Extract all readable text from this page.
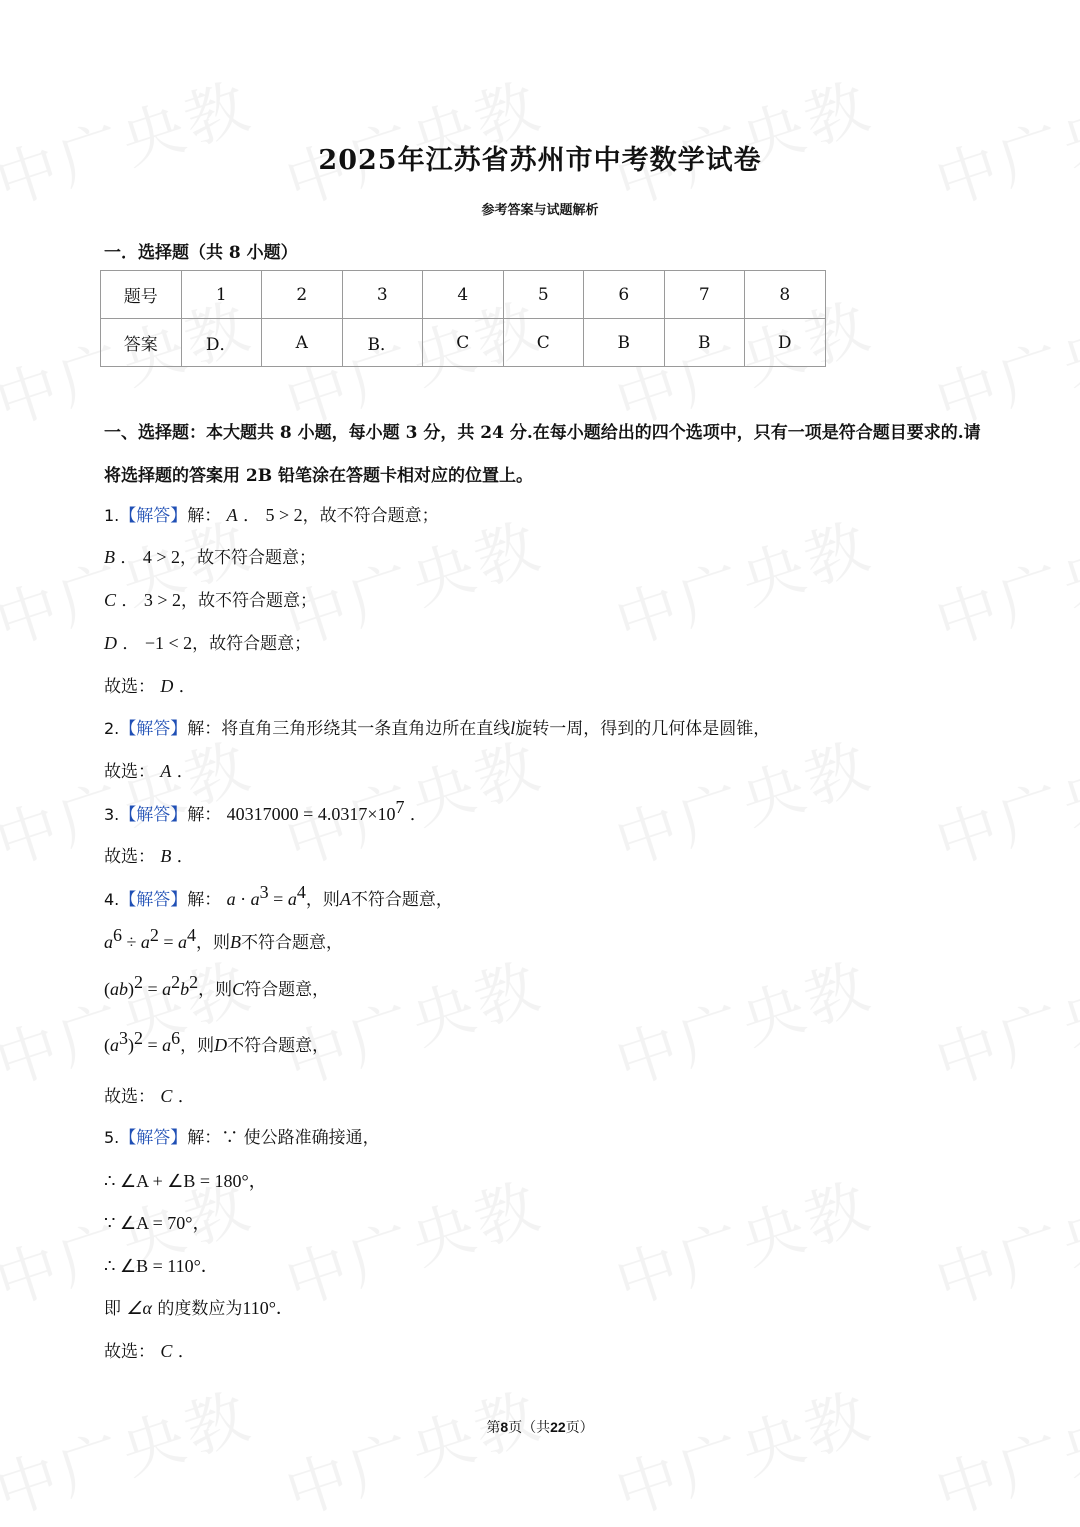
2025年江苏省苏州市中考数学试卷
参考答案与试题解析
一．选择题（共 8 小题）
题号	1	2	3	4	5	6	7	8
答案	D．	A	B．	C	C	B	B	D
一、选择题：本大题共 8 小题，每小题 3 分，共 24 分.在每小题给出的四个选项中，只有一项是符合题目要求的.请将选择题的答案用 2B 铅笔涂在答题卡相对应的位置上。
1.【解答】解： A ． 5 > 2，故不符合题意；
B ． 4 > 2，故不符合题意；
C ． 3 > 2，故不符合题意；
D ． −1 < 2，故符合题意；
故选： D ．
2.【解答】解：将直角三角形绕其一条直角边所在直线l旋转一周，得到的几何体是圆锥，
故选： A ．
3.【解答】解： $40317000 = 4.0317\times 10^7$ ．
故选： B ．
4.【解答】解： $a \cdot a^3 = a^4$，则A不符合题意，
$a^6 \div a^2 = a^4$，则B不符合题意，
$(ab)^2 = a^2b^2$，则C符合题意，
$(a^3)^2 = a^6$，则D不符合题意，
故选： C ．
5.【解答】解：∵ 使公路准确接通，
∴ ∠A + ∠B = 180°，
∵ ∠A = 70°，
∴ ∠B = 110°．
即 ∠α 的度数应为110°．
故选： C ．
第8页（共22页）
